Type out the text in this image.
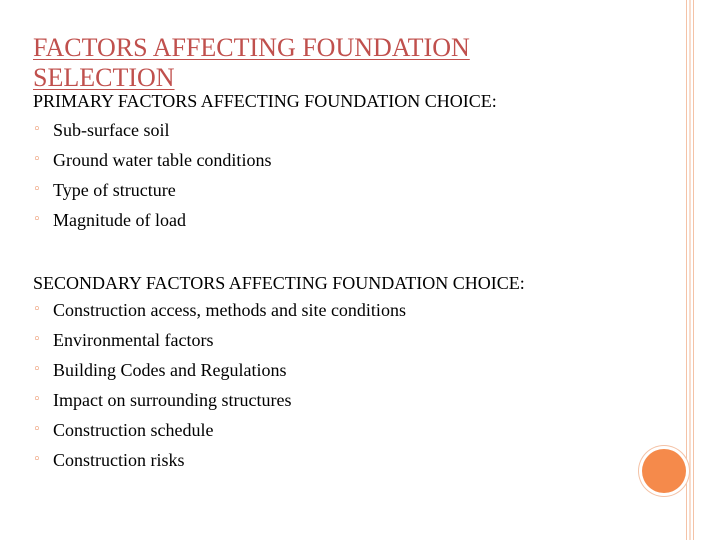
FACTORS AFFECTING FOUNDATION
SELECTION
PRIMARY FACTORS AFFECTING FOUNDATION CHOICE:
◦ Sub-surface soil
◦ Ground water table conditions
◦ Type of structure
◦ Magnitude of load
SECONDARY FACTORS AFFECTING FOUNDATION CHOICE:
◦ Construction access, methods and site conditions
◦ Environmental factors
◦ Building Codes and Regulations
◦ Impact on surrounding structures
◦ Construction schedule
◦ Construction risks
